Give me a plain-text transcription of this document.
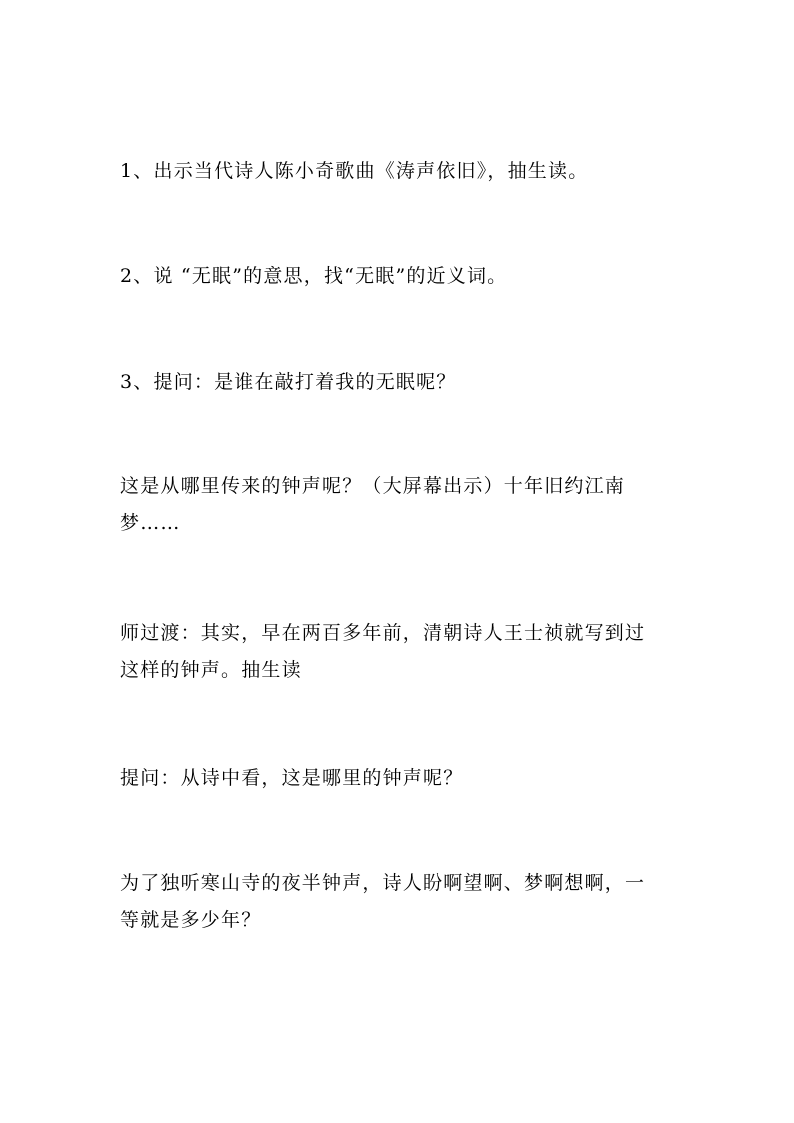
1、出示当代诗人陈小奇歌曲《涛声依旧》，抽生读。
2、说 “无眠”的意思，找“无眠”的近义词。
3、提问：是谁在敲打着我的无眠呢？
这是从哪里传来的钟声呢？（大屏幕出示）十年旧约江南
梦……
师过渡：其实，早在两百多年前，清朝诗人王士祯就写到过
这样的钟声。抽生读
提问：从诗中看，这是哪里的钟声呢？
为了独听寒山寺的夜半钟声，诗人盼啊望啊、梦啊想啊，一
等就是多少年？
